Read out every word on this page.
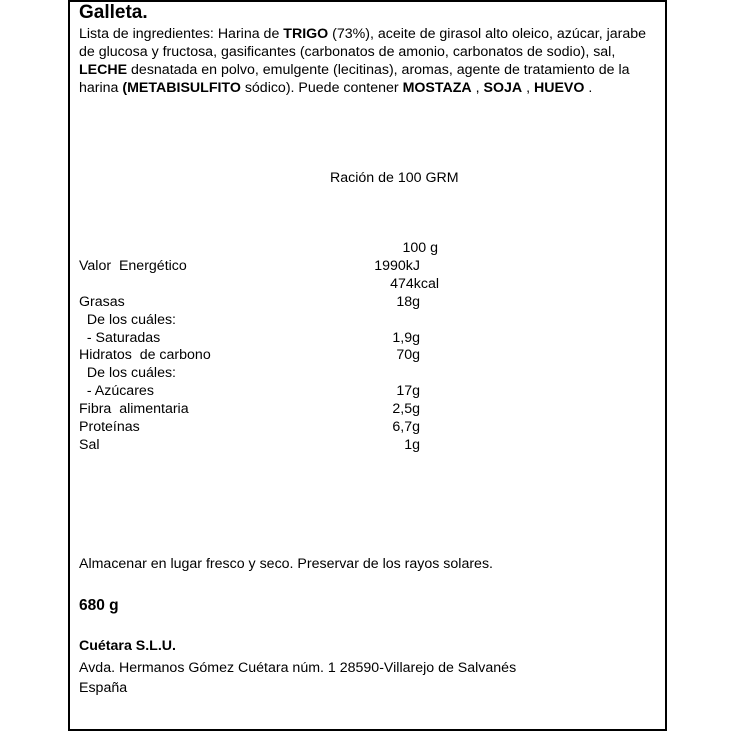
Galleta.
Lista de ingredientes: Harina de TRIGO (73%), aceite de girasol alto oleico, azúcar, jarabe de glucosa y fructosa, gasificantes (carbonatos de amonio, carbonatos de sodio), sal, LECHE desnatada en polvo, emulgente (lecitinas), aromas, agente de tratamiento de la harina (METABISULFITO sódico). Puede contener MOSTAZA , SOJA , HUEVO .
Ración de 100 GRM
100 g
Valor  Energético	1990kJ
474kcal
Grasas	18g
De los cuáles:
- Saturadas	1,9g
Hidratos  de carbono	70g
De los cuáles:
- Azúcares	17g
Fibra  alimentaria	2,5g
Proteínas	6,7g
Sal	1g
Almacenar en lugar fresco y seco. Preservar de los rayos solares.
680 g
Cuétara S.L.U.
Avda. Hermanos Gómez Cuétara núm. 1 28590-Villarejo de Salvanés
España
